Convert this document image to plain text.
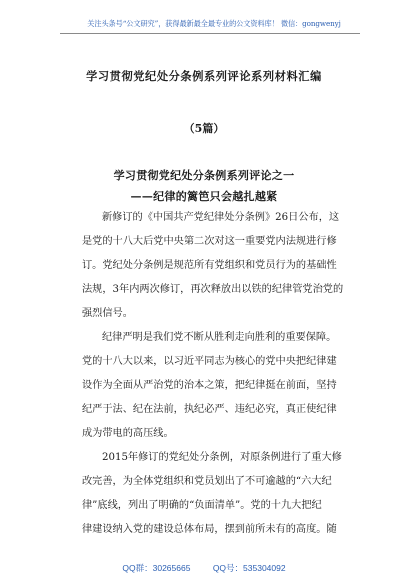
关注头条号“公文研究”，获得最新最全最专业的公文资料库！ 微信：gongwenyj
学习贯彻党纪处分条例系列评论系列材料汇编
（5篇）
学习贯彻党纪处分条例系列评论之一
——纪律的篱笆只会越扎越紧
新修订的《中国共产党纪律处分条例》26日公布，这
是党的十八大后党中央第二次对这一重要党内法规进行修
订。党纪处分条例是规范所有党组织和党员行为的基础性
法规，3年内两次修订，再次释放出以铁的纪律管党治党的
强烈信号。
纪律严明是我们党不断从胜利走向胜利的重要保障。
党的十八大以来，以习近平同志为核心的党中央把纪律建
设作为全面从严治党的治本之策，把纪律挺在前面，坚持
纪严于法、纪在法前，执纪必严、违纪必究，真正使纪律
成为带电的高压线。
2015年修订的党纪处分条例，对原条例进行了重大修
改完善，为全体党组织和党员划出了不可逾越的“六大纪
律”底线，列出了明确的“负面清单”。党的十九大把纪
律建设纳入党的建设总体布局，摆到前所未有的高度。随
QQ群：30265665	QQ号：535304092
